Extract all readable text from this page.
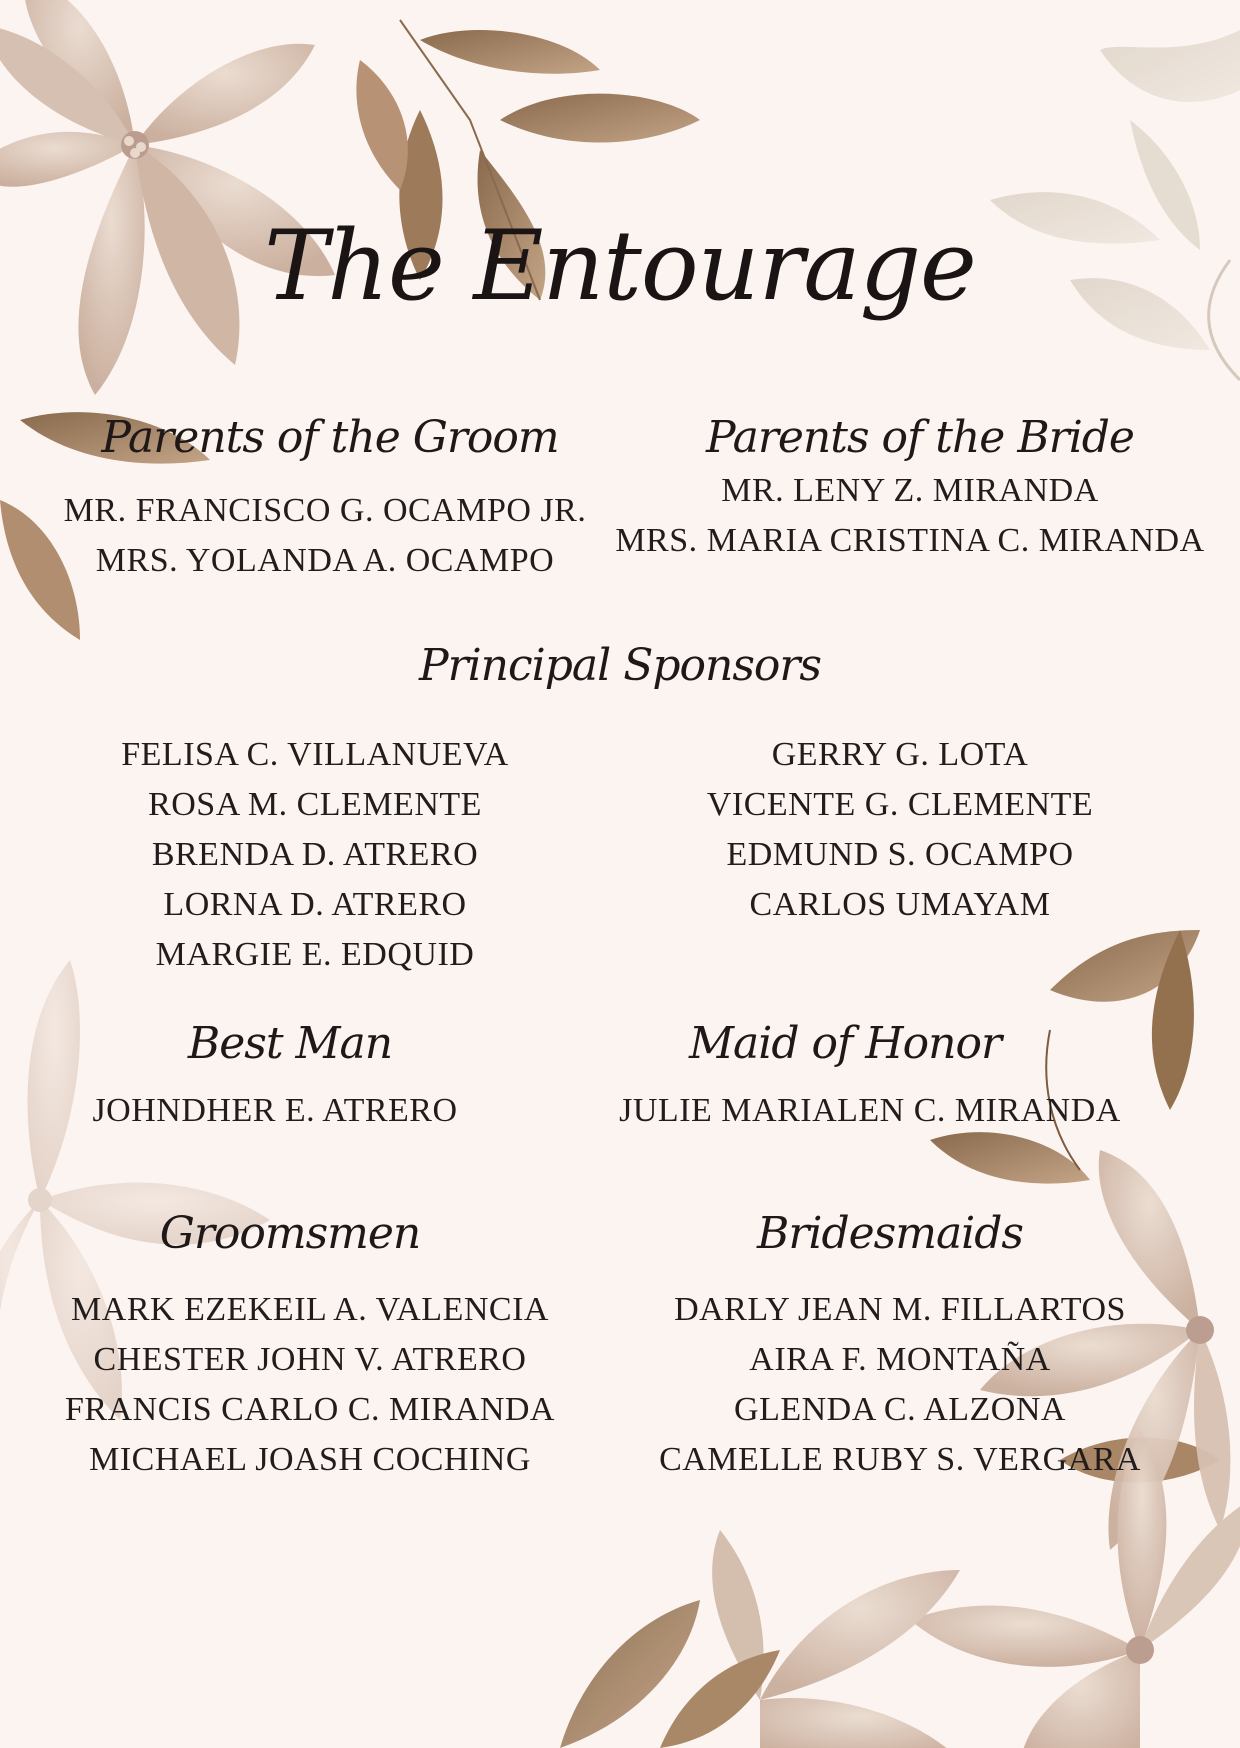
The Entourage
Parents of the Groom
MR. FRANCISCO G. OCAMPO JR.
MRS. YOLANDA A. OCAMPO
Parents of the Bride
MR. LENY Z. MIRANDA
MRS. MARIA CRISTINA C. MIRANDA
Principal Sponsors
FELISA C. VILLANUEVA
ROSA M. CLEMENTE
BRENDA D. ATRERO
LORNA D. ATRERO
MARGIE E. EDQUID
GERRY G. LOTA
VICENTE G. CLEMENTE
EDMUND S. OCAMPO
CARLOS UMAYAM
Best Man
JOHNDHER E. ATRERO
Maid of Honor
JULIE MARIALEN C. MIRANDA
Groomsmen
MARK EZEKEIL A. VALENCIA
CHESTER JOHN V. ATRERO
FRANCIS CARLO C. MIRANDA
MICHAEL JOASH COCHING
Bridesmaids
DARLY JEAN M. FILLARTOS
AIRA F. MONTAÑA
GLENDA C. ALZONA
CAMELLE RUBY S. VERGARA
